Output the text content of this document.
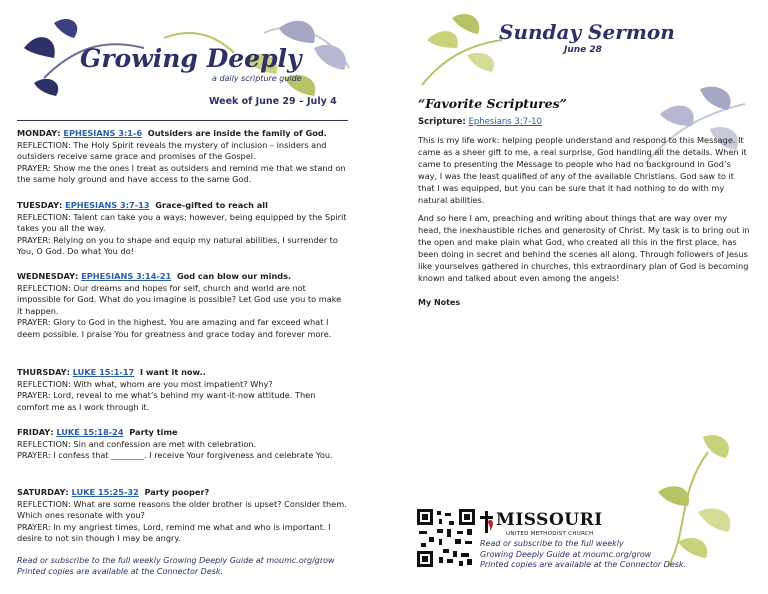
Growing Deeply
a daily scripture guide
Week of June 29 – July 4

MONDAY: EPHESIANS 3:1-6 Outsiders are inside the family of God.

REFLECTION: The Holy Spirit reveals the mystery of inclusion – insiders and outsiders receive same grace and promises of the Gospel.

PRAYER: Show me the ones I treat as outsiders and remind me that we stand on the same holy ground and have access to the same God.

TUESDAY: EPHESIANS 3:7-13 Grace-gifted to reach all

REFLECTION: Talent can take you a ways; however, being equipped by the Spirit takes you all the way.

PRAYER: Relying on you to shape and equip my natural abilities, I surrender to You, O God. Do what You do!

WEDNESDAY: EPHESIANS 3:14-21 God can blow our minds.

REFLECTION: Our dreams and hopes for self, church and world are not impossible for God. What do you imagine is possible? Let God use you to make it happen.

PRAYER: Glory to God in the highest. You are amazing and far exceed what I deem possible. I praise You for greatness and grace today and forever more.

THURSDAY: LUKE 15:1-17 I want it now..

REFLECTION: With what, whom are you most impatient? Why?

PRAYER: Lord, reveal to me what’s behind my want-it-now attitude. Then comfort me as I work through it.

FRIDAY: LUKE 15:18-24 Party time

REFLECTION: Sin and confession are met with celebration.

PRAYER: I confess that ________. I receive Your forgiveness and celebrate You.

SATURDAY: LUKE 15:25-32 Party pooper?

REFLECTION: What are some reasons the older brother is upset? Consider them. Which ones resonate with you?

PRAYER: In my angriest times, Lord, remind me what and who is important. I desire to not sin though I may be angry.

Read or subscribe to the full weekly Growing Deeply Guide at moumc.org/grow
Printed copies are available at the Connector Desk.
Sunday Sermon
June 28
“Favorite Scriptures”
Scripture: Ephesians 3:7-10

This is my life work: helping people understand and respond to this Message. It came as a sheer gift to me, a real surprise, God handling all the details. When it came to presenting the Message to people who had no background in God’s way, I was the least qualified of any of the available Christians. God saw to it that I was equipped, but you can be sure that it had nothing to do with my natural abilities.

And so here I am, preaching and writing about things that are way over my head, the inexhaustible riches and generosity of Christ. My task is to bring out in the open and make plain what God, who created all this in the first place, has been doing in secret and behind the scenes all along. Through followers of Jesus like yourselves gathered in churches, this extraordinary plan of God is becoming known and talked about even among the angels!

My Notes
MISSOURI
UNITED METHODIST CHURCH
Read or subscribe to the full weekly
Growing Deeply Guide at moumc.org/grow
Printed copies are available at the Connector Desk.
